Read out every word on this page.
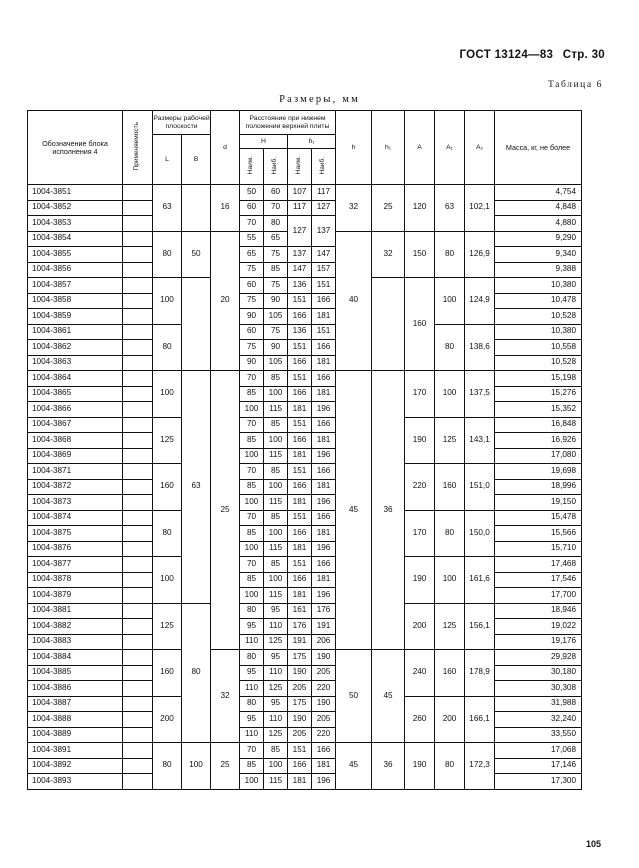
ГОСТ 13124—83 Стр. 30
Таблица 6
Размеры, мм
Обозначение блока исполнения 4	Применяемость	Размеры рабочей плоскости		d	Расстояние при нижнем положении верхней плиты				h	h₁	A	A₁	A₂	Масса, кг, не более
		L	B		H		h₁							
					Наим.	Наиб.	Наим.	Наиб.						
1004-3851		63		16	50	60	107	117	32	25	120	63	102,1	4,754
1004-3852					60	70	117	127						4,848
1004-3853					70	80	127	137						4,880
1004-3854		80	50	20	55	65			40	32	150	80	126,9	9,290
1004-3855					65	75	137	147						9,340
1004-3856					75	85	147	157						9,388
1004-3857		100			60	75	136	151			160	100	124,9	10,380
1004-3858					75	90	151	166						10,478
1004-3859					90	105	166	181						10,528
1004-3861		80			60	75	136	151				80	138,6	10,380
1004-3862					75	90	151	166						10,558
1004-3863					90	105	166	181						10,528
1004-3864		100	63	25	70	85	151	166	45	36	170	100	137,5	15,198
1004-3865					85	100	166	181						15,276
1004-3866					100	115	181	196						15,352
1004-3867		125			70	85	151	166			190	125	143,1	16,848
1004-3868					85	100	166	181						16,926
1004-3869					100	115	181	196						17,080
1004-3871		160			70	85	151	166			220	160	151,0	19,698
1004-3872					85	100	166	181						18,996
1004-3873					100	115	181	196						19,150
1004-3874		80			70	85	151	166			170	80	150,0	15,478
1004-3875					85	100	166	181						15,566
1004-3876					100	115	181	196						15,710
1004-3877		100			70	85	151	166			190	100	161,6	17,468
1004-3878					85	100	166	181						17,546
1004-3879					100	115	181	196						17,700
1004-3881		125	80		80	95	161	176			200	125	156,1	18,946
1004-3882					95	110	176	191						19,022
1004-3883					110	125	191	206						19,176
1004-3884		160		32	80	95	175	190	50	45	240	160	178,9	29,928
1004-3885					95	110	190	205						30,180
1004-3886					110	125	205	220						30,308
1004-3887		200			80	95	175	190			260	200	166,1	31,988
1004-3888					95	110	190	205						32,240
1004-3889					110	125	205	220						33,550
1004-3891		80	100	25	70	85	151	166	45	36	190	80	172,3	17,068
1004-3892					85	100	166	181						17,146
1004-3893					100	115	181	196						17,300
105
